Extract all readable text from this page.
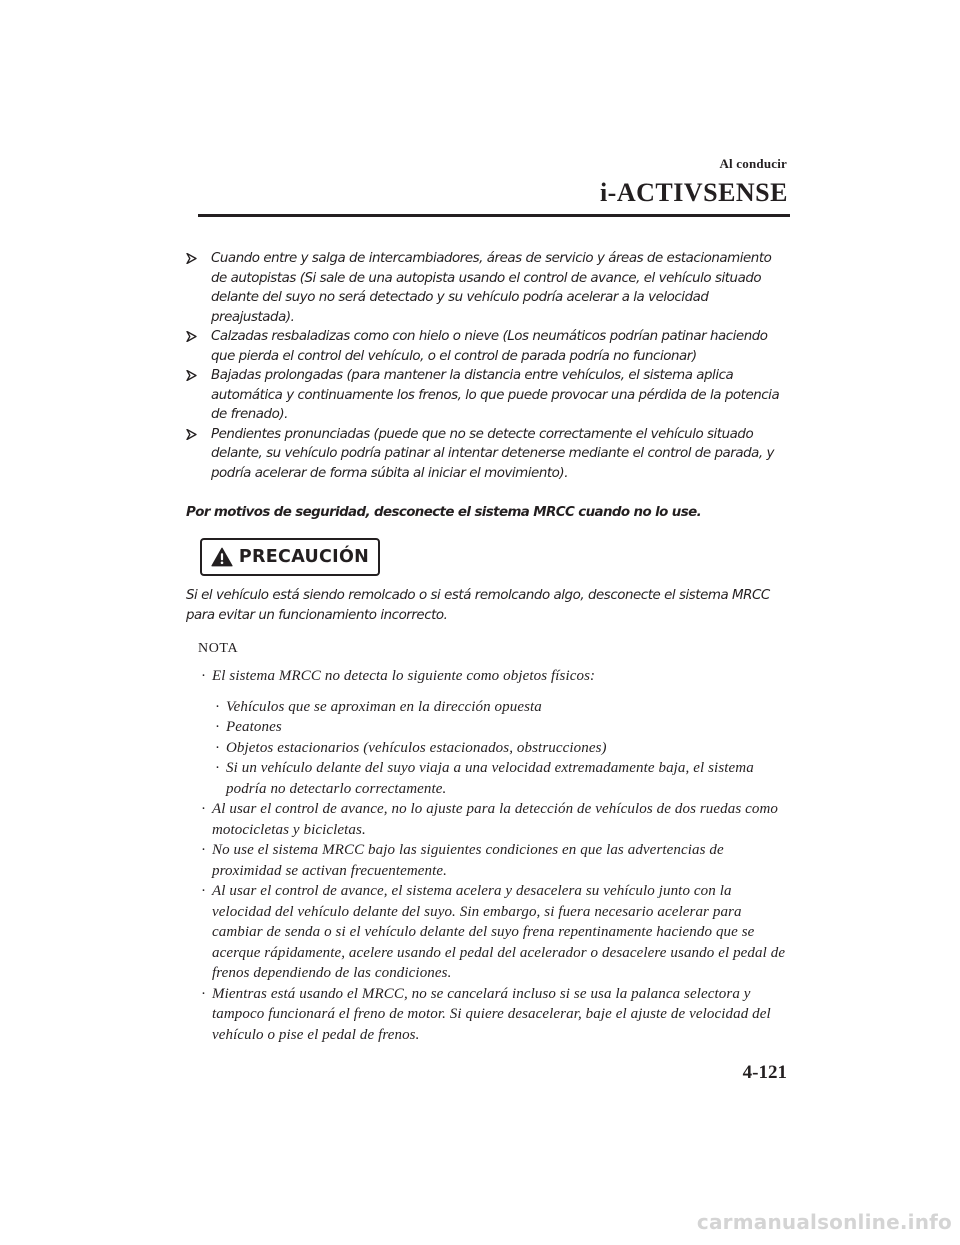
Al conducir
i-ACTIVSENSE
Cuando entre y salga de intercambiadores, áreas de servicio y áreas de estacionamiento de autopistas (Si sale de una autopista usando el control de avance, el vehículo situado delante del suyo no será detectado y su vehículo podría acelerar a la velocidad preajustada).
Calzadas resbaladizas como con hielo o nieve (Los neumáticos podrían patinar haciendo que pierda el control del vehículo, o el control de parada podría no funcionar)
Bajadas prolongadas (para mantener la distancia entre vehículos, el sistema aplica automática y continuamente los frenos, lo que puede provocar una pérdida de la potencia de frenado).
Pendientes pronunciadas (puede que no se detecte correctamente el vehículo situado delante, su vehículo podría patinar al intentar detenerse mediante el control de parada, y podría acelerar de forma súbita al iniciar el movimiento).
Por motivos de seguridad, desconecte el sistema MRCC cuando no lo use.
PRECAUCIÓN
Si el vehículo está siendo remolcado o si está remolcando algo, desconecte el sistema MRCC para evitar un funcionamiento incorrecto.
NOTA
· El sistema MRCC no detecta lo siguiente como objetos físicos:
· Vehículos que se aproximan en la dirección opuesta
· Peatones
· Objetos estacionarios (vehículos estacionados, obstrucciones)
· Si un vehículo delante del suyo viaja a una velocidad extremadamente baja, el sistema podría no detectarlo correctamente.
· Al usar el control de avance, no lo ajuste para la detección de vehículos de dos ruedas como motocicletas y bicicletas.
· No use el sistema MRCC bajo las siguientes condiciones en que las advertencias de proximidad se activan frecuentemente.
· Al usar el control de avance, el sistema acelera y desacelera su vehículo junto con la velocidad del vehículo delante del suyo. Sin embargo, si fuera necesario acelerar para cambiar de senda o si el vehículo delante del suyo frena repentinamente haciendo que se acerque rápidamente, acelere usando el pedal del acelerador o desacelere usando el pedal de frenos dependiendo de las condiciones.
· Mientras está usando el MRCC, no se cancelará incluso si se usa la palanca selectora y tampoco funcionará el freno de motor. Si quiere desacelerar, baje el ajuste de velocidad del vehículo o pise el pedal de frenos.
4-121
carmanualsonline.info
